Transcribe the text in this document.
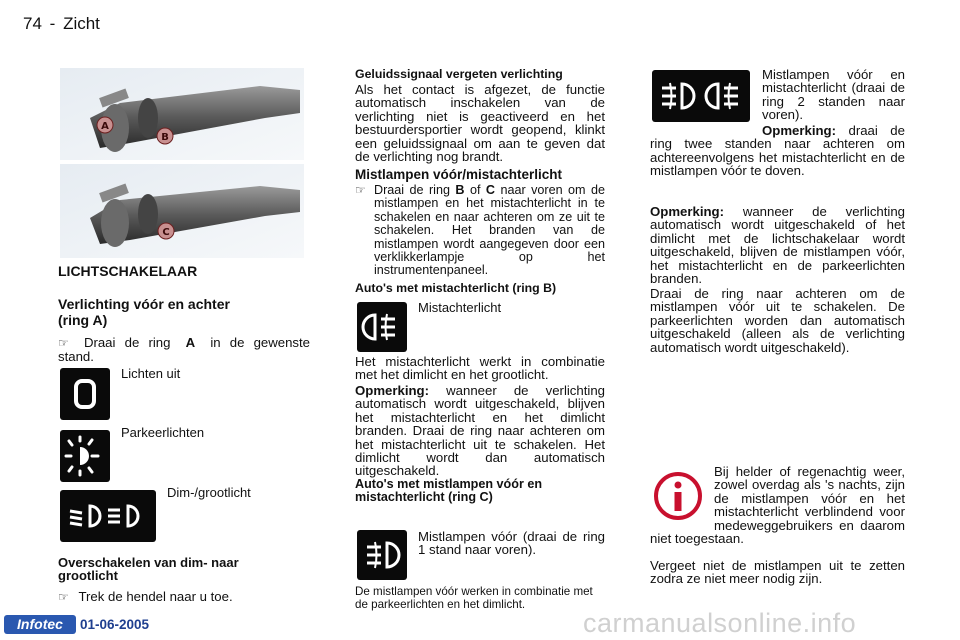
74 - Zicht
A
B
C
LICHTSCHAKELAAR
Verlichting vóór en achter (ring A)
☞ Draai de ring A in de gewenste stand.
Lichten uit
Parkeerlichten
Dim-/grootlicht
Overschakelen van dim- naar grootlicht
☞ Trek de hendel naar u toe.
Geluidssignaal vergeten verlichting

Als het contact is afgezet, de functie automatisch inschakelen van de verlichting niet is geactiveerd en het bestuurdersportier wordt geopend, klinkt een geluidssignaal om aan te geven dat de verlichting nog brandt.

Mistlampen vóór/mistachterlicht
☞ Draai de ring B of C naar voren om de mistlampen en het mistachterlicht in te schakelen en naar achteren om ze uit te schakelen. Het branden van de mistlampen wordt aangegeven door een verklikkerlampje op het instrumentenpaneel.
Auto's met mistachterlicht (ring B)
Mistachterlicht

Het mistachterlicht werkt in combinatie met het dimlicht en het grootlicht.

Opmerking: wanneer de verlichting automatisch wordt uitgeschakeld, blijven het mistachterlicht en het dimlicht branden. Draai de ring naar achteren om het mistachterlicht uit te schakelen. Het dimlicht wordt dan automatisch uitgeschakeld.

Auto's met mistlampen vóór en mistachterlicht (ring C)

Mistlampen vóór (draai de ring 1 stand naar voren).

De mistlampen vóór werken in combinatie met de parkeerlichten en het dimlicht.

Mistlampen vóór en mistachterlicht (draai de ring 2 standen naar voren).

Opmerking: draai de ring twee standen naar achteren om achtereenvolgens het mistachterlicht en de mistlampen vóór te doven.

Opmerking: wanneer de verlichting automatisch wordt uitgeschakeld of het dimlicht met de lichtschakelaar wordt uitgeschakeld, blijven de mistlampen vóór, het mistachterlicht en de parkeerlichten branden.

Draai de ring naar achteren om de mistlampen vóór uit te schakelen. De parkeerlichten worden dan automatisch uitgeschakeld (alleen als de verlichting automatisch wordt uitgeschakeld).

Bij helder of regenachtig weer, zowel overdag als 's nachts, zijn de mistlampen vóór en het mistachterlicht verblindend voor medeweggebruikers en daarom niet toegestaan.

Vergeet niet de mistlampen uit te zetten zodra ze niet meer nodig zijn.

Infotec	01-06-2005	carmanualsonline.info
